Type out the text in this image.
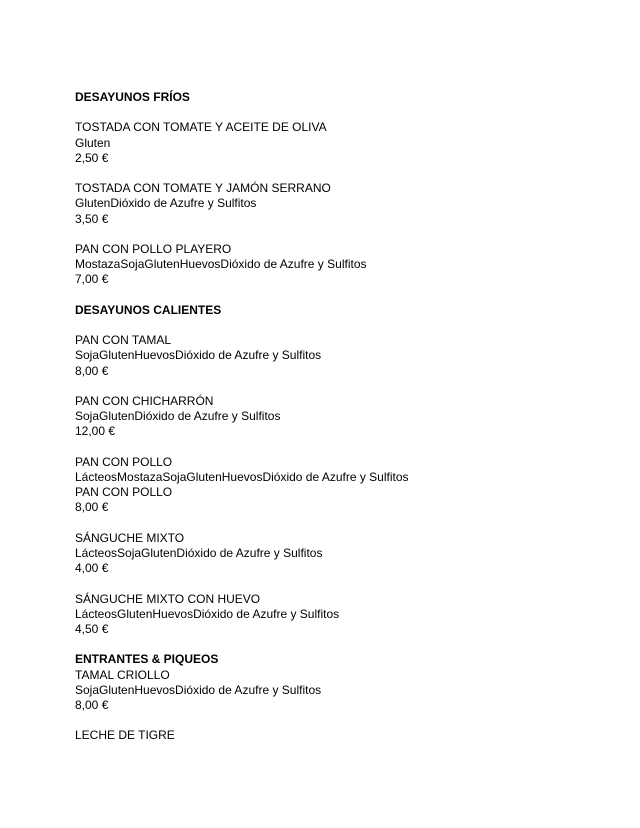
DESAYUNOS FRÍOS

TOSTADA CON TOMATE Y ACEITE DE OLIVA

Gluten

2,50 €

TOSTADA CON TOMATE Y JAMÓN SERRANO

GlutenDióxido de Azufre y Sulfitos

3,50 €

PAN CON POLLO PLAYERO

MostazaSojaGlutenHuevosDióxido de Azufre y Sulfitos

7,00 €

DESAYUNOS CALIENTES

PAN CON TAMAL

SojaGlutenHuevosDióxido de Azufre y Sulfitos

8,00 €

PAN CON CHICHARRÓN

SojaGlutenDióxido de Azufre y Sulfitos

12,00 €

PAN CON POLLO

LácteosMostazaSojaGlutenHuevosDióxido de Azufre y Sulfitos

PAN CON POLLO

8,00 €

SÁNGUCHE MIXTO

LácteosSojaGlutenDióxido de Azufre y Sulfitos

4,00 €

SÁNGUCHE MIXTO CON HUEVO

LácteosGlutenHuevosDióxido de Azufre y Sulfitos

4,50 €

ENTRANTES & PIQUEOS

TAMAL CRIOLLO

SojaGlutenHuevosDióxido de Azufre y Sulfitos

8,00 €

LECHE DE TIGRE
